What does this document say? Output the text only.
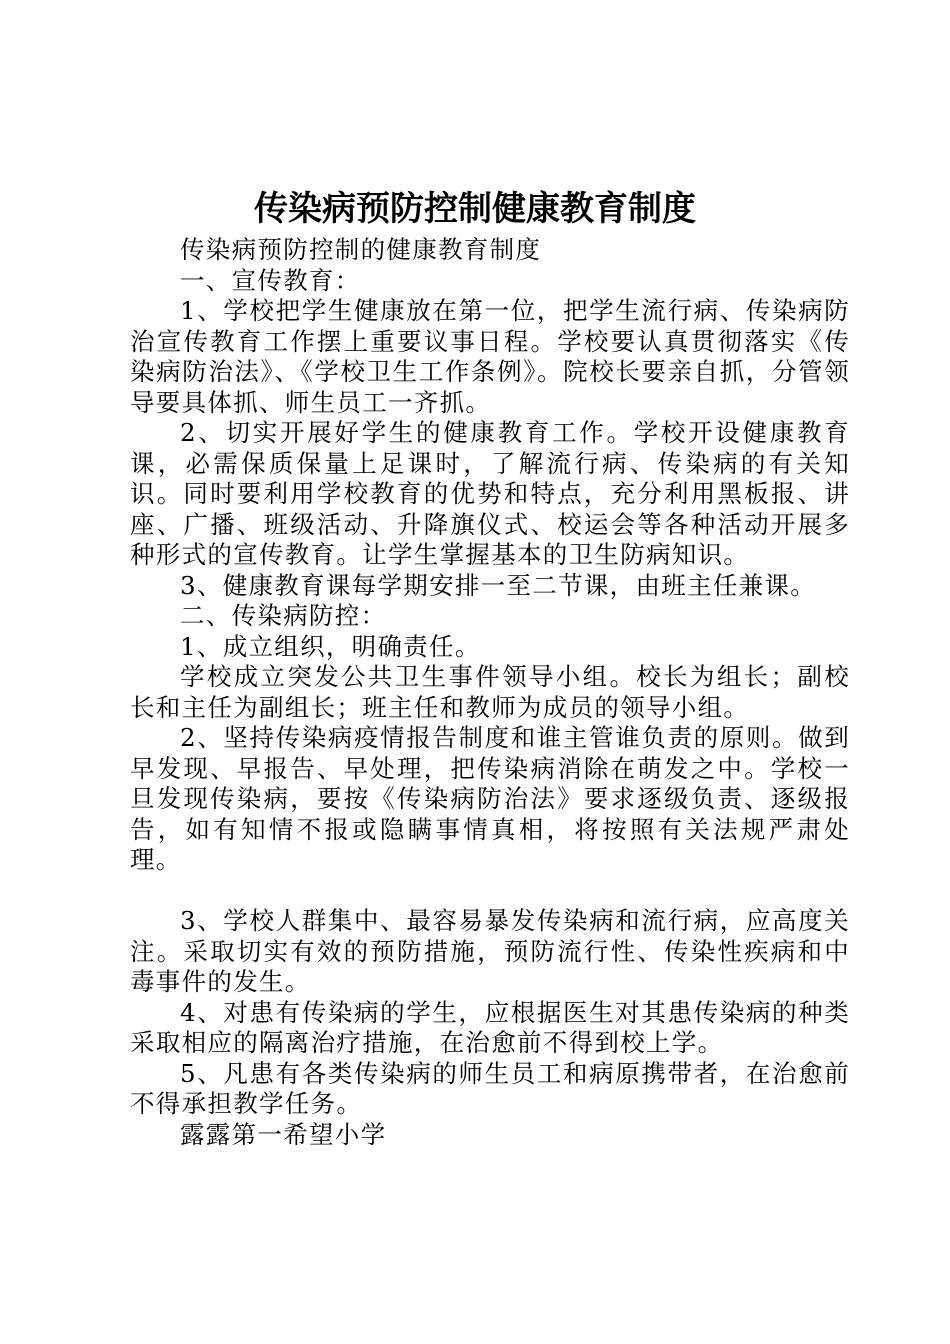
传染病预防控制健康教育制度

传染病预防控制的健康教育制度

一、宣传教育：

1、学校把学生健康放在第一位，把学生流行病、传染病防治宣传教育工作摆上重要议事日程。学校要认真贯彻落实《传染病防治法》、《学校卫生工作条例》。院校长要亲自抓，分管领导要具体抓、师生员工一齐抓。

2、切实开展好学生的健康教育工作。学校开设健康教育课，必需保质保量上足课时，了解流行病、传染病的有关知识。同时要利用学校教育的优势和特点，充分利用黑板报、讲座、广播、班级活动、升降旗仪式、校运会等各种活动开展多种形式的宣传教育。让学生掌握基本的卫生防病知识。

3、健康教育课每学期安排一至二节课，由班主任兼课。

二、传染病防控：

1、成立组织，明确责任。

学校成立突发公共卫生事件领导小组。校长为组长；副校长和主任为副组长；班主任和教师为成员的领导小组。

2、坚持传染病疫情报告制度和谁主管谁负责的原则。做到早发现、早报告、早处理，把传染病消除在萌发之中。学校一旦发现传染病，要按《传染病防治法》要求逐级负责、逐级报告，如有知情不报或隐瞒事情真相，将按照有关法规严肃处理。

3、学校人群集中、最容易暴发传染病和流行病，应高度关注。采取切实有效的预防措施，预防流行性、传染性疾病和中毒事件的发生。

4、对患有传染病的学生，应根据医生对其患传染病的种类采取相应的隔离治疗措施，在治愈前不得到校上学。

5、凡患有各类传染病的师生员工和病原携带者，在治愈前不得承担教学任务。

露露第一希望小学
